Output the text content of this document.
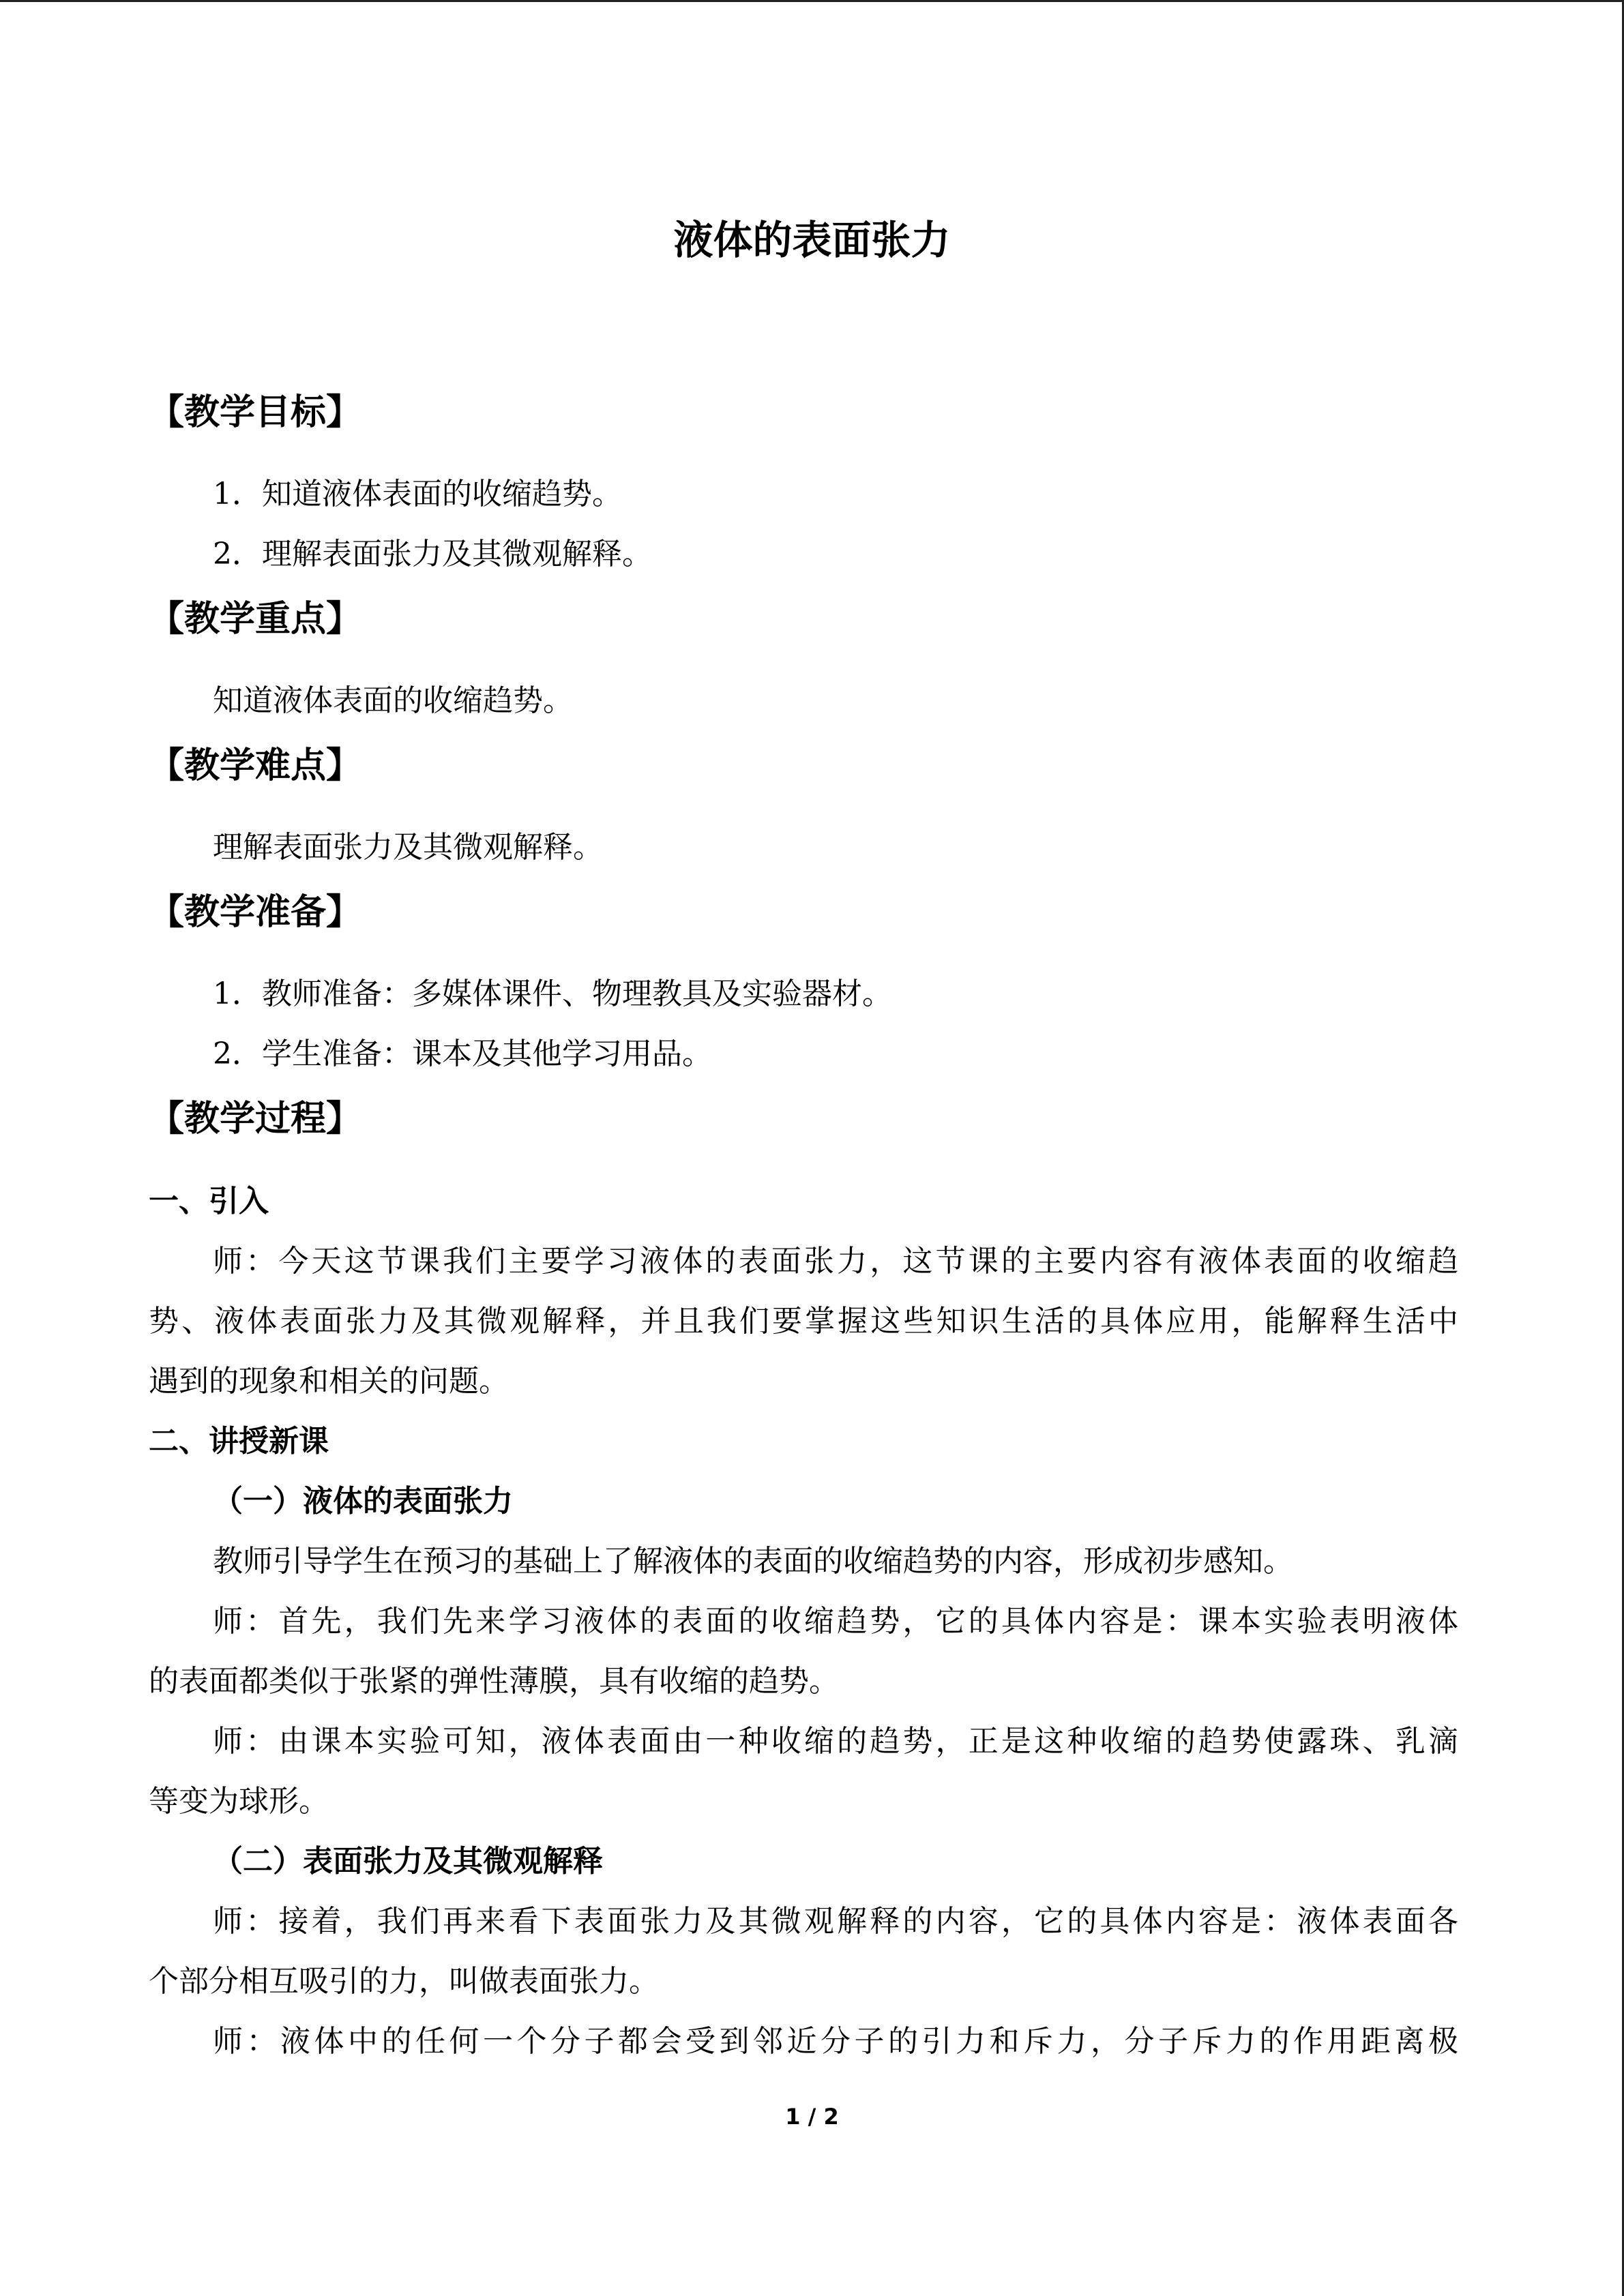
液体的表面张力
【教学目标】
1．知道液体表面的收缩趋势。
2．理解表面张力及其微观解释。
【教学重点】
知道液体表面的收缩趋势。
【教学难点】
理解表面张力及其微观解释。
【教学准备】
1．教师准备：多媒体课件、物理教具及实验器材。
2．学生准备：课本及其他学习用品。
【教学过程】
一、引入
师：今天这节课我们主要学习液体的表面张力，这节课的主要内容有液体表面的收缩趋
势、液体表面张力及其微观解释，并且我们要掌握这些知识生活的具体应用，能解释生活中
遇到的现象和相关的问题。
二、讲授新课
（一）液体的表面张力
教师引导学生在预习的基础上了解液体的表面的收缩趋势的内容，形成初步感知。
师：首先，我们先来学习液体的表面的收缩趋势，它的具体内容是：课本实验表明液体
的表面都类似于张紧的弹性薄膜，具有收缩的趋势。
师：由课本实验可知，液体表面由一种收缩的趋势，正是这种收缩的趋势使露珠、乳滴
等变为球形。
（二）表面张力及其微观解释
师：接着，我们再来看下表面张力及其微观解释的内容，它的具体内容是：液体表面各
个部分相互吸引的力，叫做表面张力。
师：液体中的任何一个分子都会受到邻近分子的引力和斥力，分子斥力的作用距离极
1 / 2
